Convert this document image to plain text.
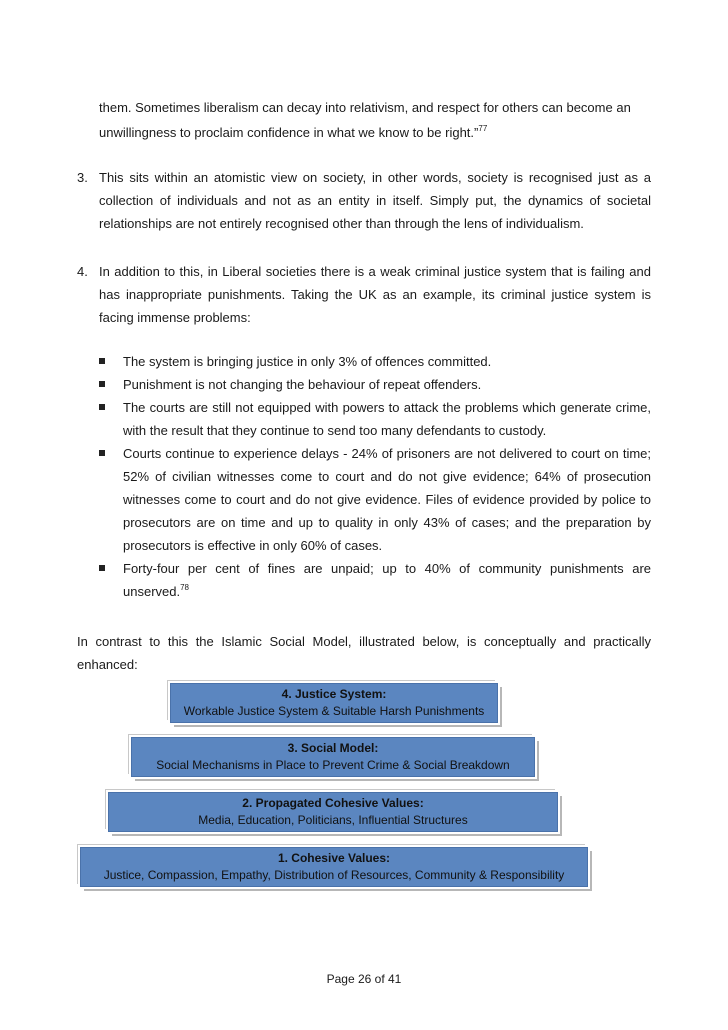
them. Sometimes liberalism can decay into relativism, and respect for others can become an
unwillingness to proclaim confidence in what we know to be right.”$^{77}$
3. This sits within an atomistic view on society, in other words, society is recognised just as a collection of individuals and not as an entity in itself. Simply put, the dynamics of societal relationships are not entirely recognised other than through the lens of individualism.
4. In addition to this, in Liberal societies there is a weak criminal justice system that is failing and has inappropriate punishments. Taking the UK as an example, its criminal justice system is facing immense problems:
The system is bringing justice in only 3% of offences committed.
Punishment is not changing the behaviour of repeat offenders.
The courts are still not equipped with powers to attack the problems which generate crime, with the result that they continue to send too many defendants to custody.
Courts continue to experience delays - 24% of prisoners are not delivered to court on time; 52% of civilian witnesses come to court and do not give evidence; 64% of prosecution witnesses come to court and do not give evidence. Files of evidence provided by police to prosecutors are on time and up to quality in only 43% of cases; and the preparation by prosecutors is effective in only 60% of cases.
Forty-four per cent of fines are unpaid; up to 40% of community punishments are unserved.$^{78}$
In contrast to this the Islamic Social Model, illustrated below, is conceptually and practically enhanced:
4. Justice System:
Workable Justice System & Suitable Harsh Punishments
3. Social Model:
Social Mechanisms in Place to Prevent Crime & Social Breakdown
2. Propagated Cohesive Values:
Media, Education, Politicians, Influential Structures
1. Cohesive Values:
Justice, Compassion, Empathy, Distribution of Resources, Community & Responsibility
Page 26 of 41
